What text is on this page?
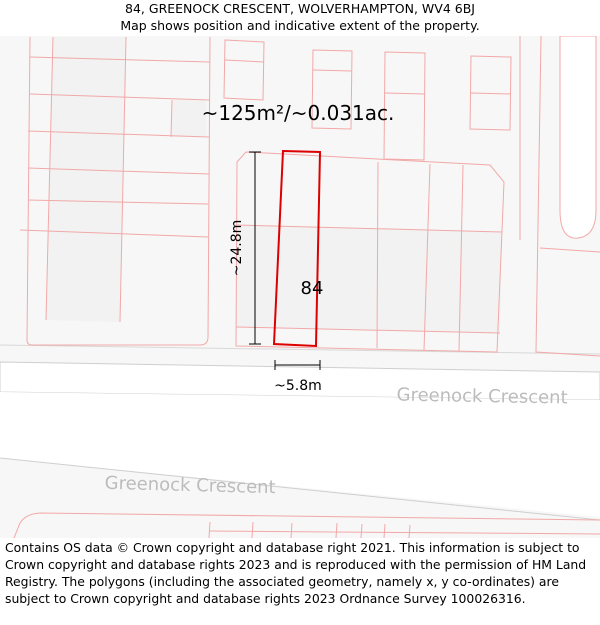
84, GREENOCK CRESCENT, WOLVERHAMPTON, WV4 6BJ
Map shows position and indicative extent of the property.
~125m²/~0.031ac.
84
~24.8m
~5.8m	Greenock Crescent
Greenock Crescent
Contains OS data © Crown copyright and database right 2021. This information is subject to Crown copyright and database rights 2023 and is reproduced with the permission of HM Land Registry. The polygons (including the associated geometry, namely x, y co-ordinates) are subject to Crown copyright and database rights 2023 Ordnance Survey 100026316.
